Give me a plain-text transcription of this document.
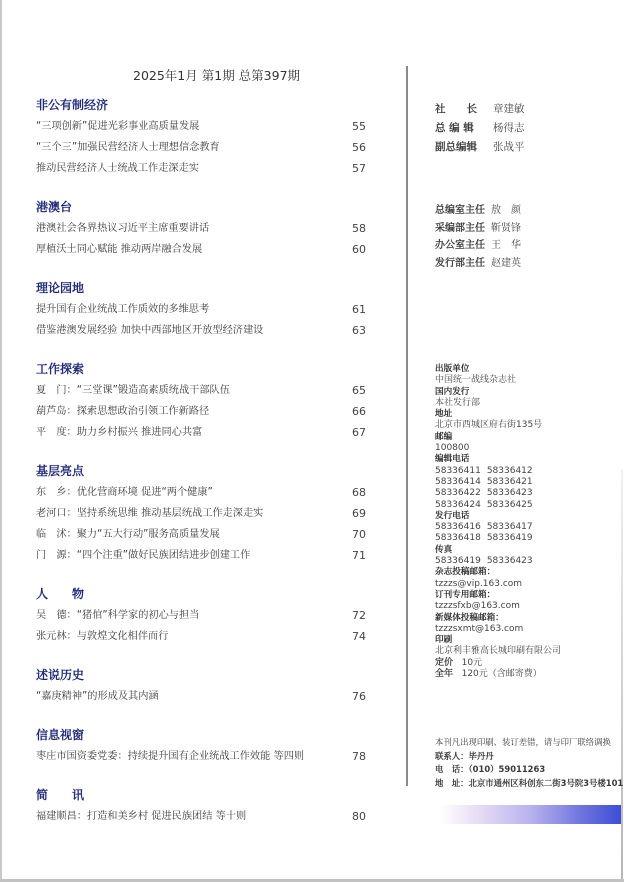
2025年1月 第1期 总第397期
非公有制经济
“三项创新”促进光彩事业高质量发展	55
“三个三”加强民营经济人士理想信念教育	56
推动民营经济人士统战工作走深走实	57
港澳台
港澳社会各界热议习近平主席重要讲话	58
厚植沃土同心赋能 推动两岸融合发展	60
理论园地
提升国有企业统战工作质效的多维思考	61
借鉴港澳发展经验 加快中西部地区开放型经济建设	63
工作探索
夏　门：“三堂课”锻造高素质统战干部队伍	65
葫芦岛：探索思想政治引领工作新路径	66
平　度：助力乡村振兴 推进同心共富	67
基层亮点
东　乡：优化营商环境 促进“两个健康”	68
老河口：坚持系统思维 推动基层统战工作走深走实	69
临　沭：聚力“五大行动”服务高质量发展	70
门　源：“四个注重”做好民族团结进步创建工作	71
人　　物
吴　德：“猪倌”科学家的初心与担当	72
张元林：与敦煌文化相伴而行	74
述说历史
“嘉庚精神”的形成及其内涵	76
信息视窗
枣庄市国资委党委：持续提升国有企业统战工作效能 等四则	78
简　　讯
福建顺昌：打造和美乡村 促进民族团结 等十则	80
社　　长 章建敏
总 编 辑 杨得志
副总编辑 张战平
总编室主任 敖　颜
采编部主任 靳贤锋
办公室主任 王　华
发行部主任 赵建英
出版单位
中国统一战线杂志社
国内发行
本社发行部
地址
北京市西城区府右街135号
邮编
100800
编辑电话
58336411 58336412
58336414 58336421
58336422 58336423
58336424 58336425
发行电话
58336416 58336417
58336418 58336419
传真
58336419 58336423
杂志投稿邮箱：
tzzzs@vip.163.com
订刊专用邮箱：
tzzzsfxb@163.com
新媒体投稿邮箱：
tzzzsxmt@163.com
印刷
北京利丰雅高长城印刷有限公司
定价 10元
全年 120元（含邮寄费）
本刊凡出现印刷、装订差错，请与印厂联络调换
联系人：毕丹丹
电　话：（010）59011263
地　址：北京市通州区科创东二街3号院3号楼101
